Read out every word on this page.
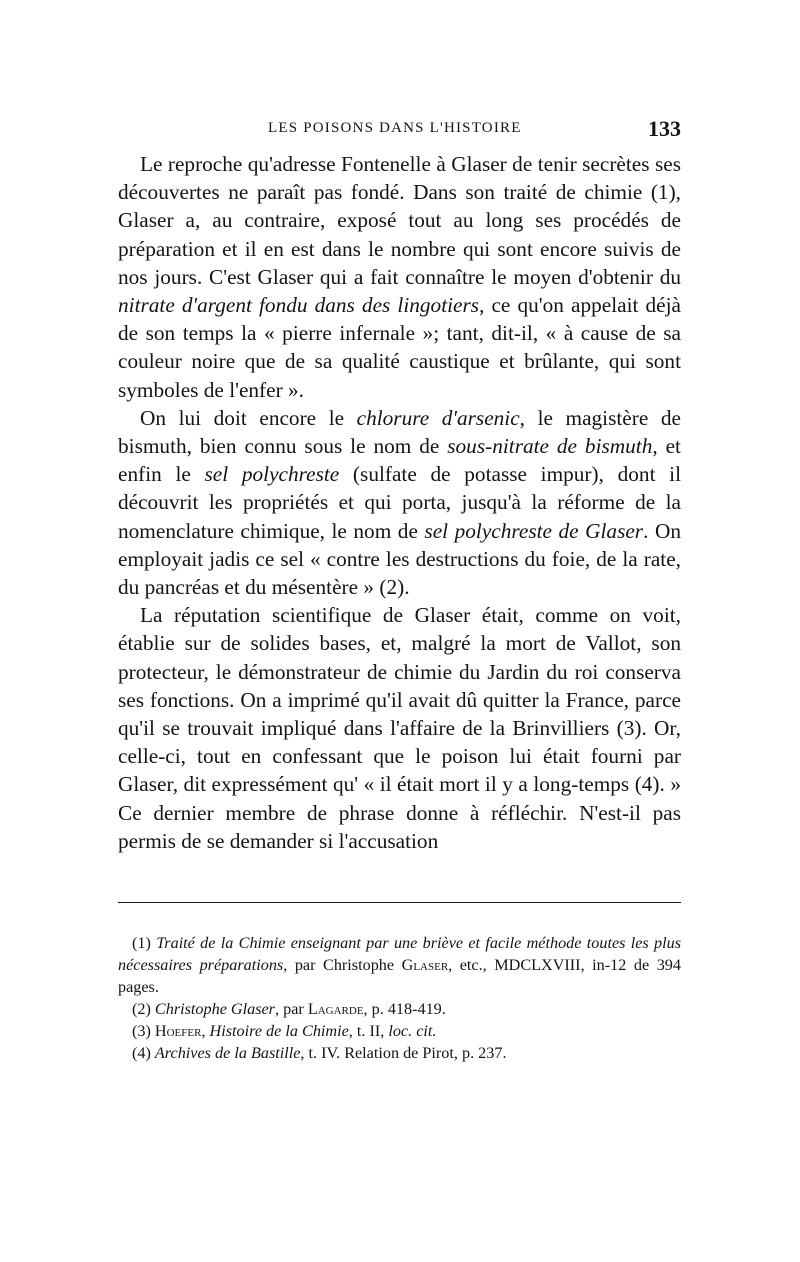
LES POISONS DANS L'HISTOIRE	133

Le reproche qu'adresse Fontenelle à Glaser de tenir secrètes ses découvertes ne paraît pas fondé. Dans son traité de chimie (1), Glaser a, au contraire, exposé tout au long ses procédés de préparation et il en est dans le nombre qui sont encore suivis de nos jours. C'est Glaser qui a fait connaître le moyen d'obtenir du nitrate d'argent fondu dans des lingotiers, ce qu'on appelait déjà de son temps la « pierre infernale »; tant, dit-il, « à cause de sa couleur noire que de sa qualité caustique et brûlante, qui sont symboles de l'enfer ».

On lui doit encore le chlorure d'arsenic, le magistère de bismuth, bien connu sous le nom de sous-nitrate de bismuth, et enfin le sel polychreste (sulfate de potasse impur), dont il découvrit les propriétés et qui porta, jusqu'à la réforme de la nomenclature chimique, le nom de sel polychreste de Glaser. On employait jadis ce sel « contre les destructions du foie, de la rate, du pancréas et du mésentère » (2).

La réputation scientifique de Glaser était, comme on voit, établie sur de solides bases, et, malgré la mort de Vallot, son protecteur, le démonstrateur de chimie du Jardin du roi conserva ses fonctions. On a imprimé qu'il avait dû quitter la France, parce qu'il se trouvait impliqué dans l'affaire de la Brinvilliers (3). Or, celle-ci, tout en confessant que le poison lui était fourni par Glaser, dit expressément qu' « il était mort il y a long-temps (4). » Ce dernier membre de phrase donne à réfléchir. N'est-il pas permis de se demander si l'accusation

(1) Traité de la Chimie enseignant par une briève et facile méthode toutes les plus nécessaires préparations, par Christophe Glaser, etc., MDCLXVIII, in-12 de 394 pages.

(2) Christophe Glaser, par Lagarde, p. 418-419.

(3) Hoefer, Histoire de la Chimie, t. II, loc. cit.

(4) Archives de la Bastille, t. IV. Relation de Pirot, p. 237.
